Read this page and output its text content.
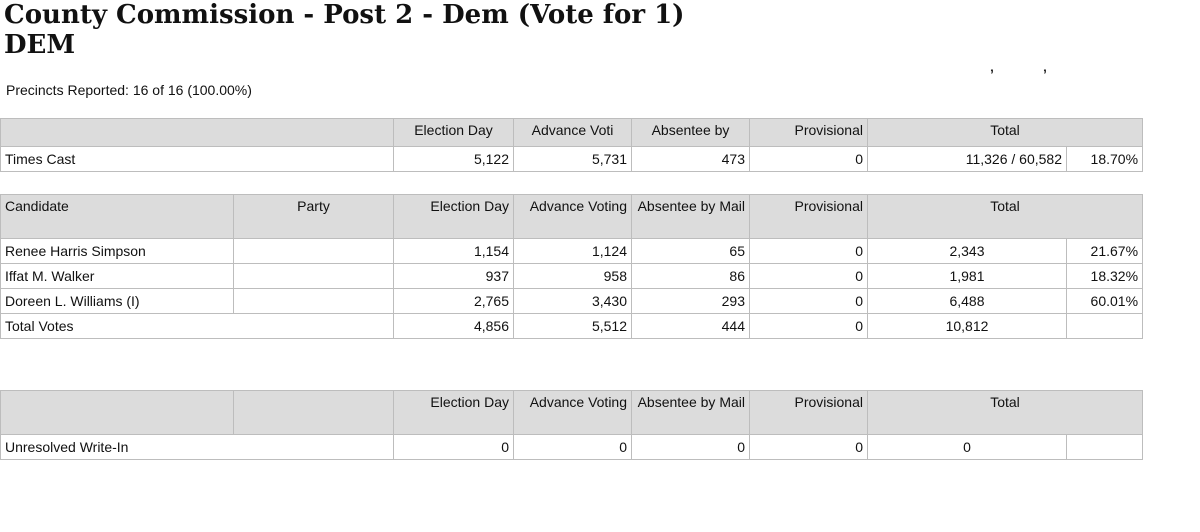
County Commission - Post 2 - Dem (Vote for 1)
DEM
Precincts Reported: 16 of 16 (100.00%)
’	’
	Election Day	Advance Voti	Absentee by	Provisional	Total	
Times Cast	5,122	5,731	473	0	11,326 / 60,582	18.70%
Candidate	Party	Election Day	Advance Voting	Absentee by Mail	Provisional	Total	
Renee Harris Simpson		1,154	1,124	65	0	2,343	21.67%
Iffat M. Walker		937	958	86	0	1,981	18.32%
Doreen L. Williams (I)		2,765	3,430	293	0	6,488	60.01%
Total Votes		4,856	5,512	444	0	10,812	
		Election Day	Advance Voting	Absentee by Mail	Provisional	Total	
Unresolved Write-In		0	0	0	0	0	
